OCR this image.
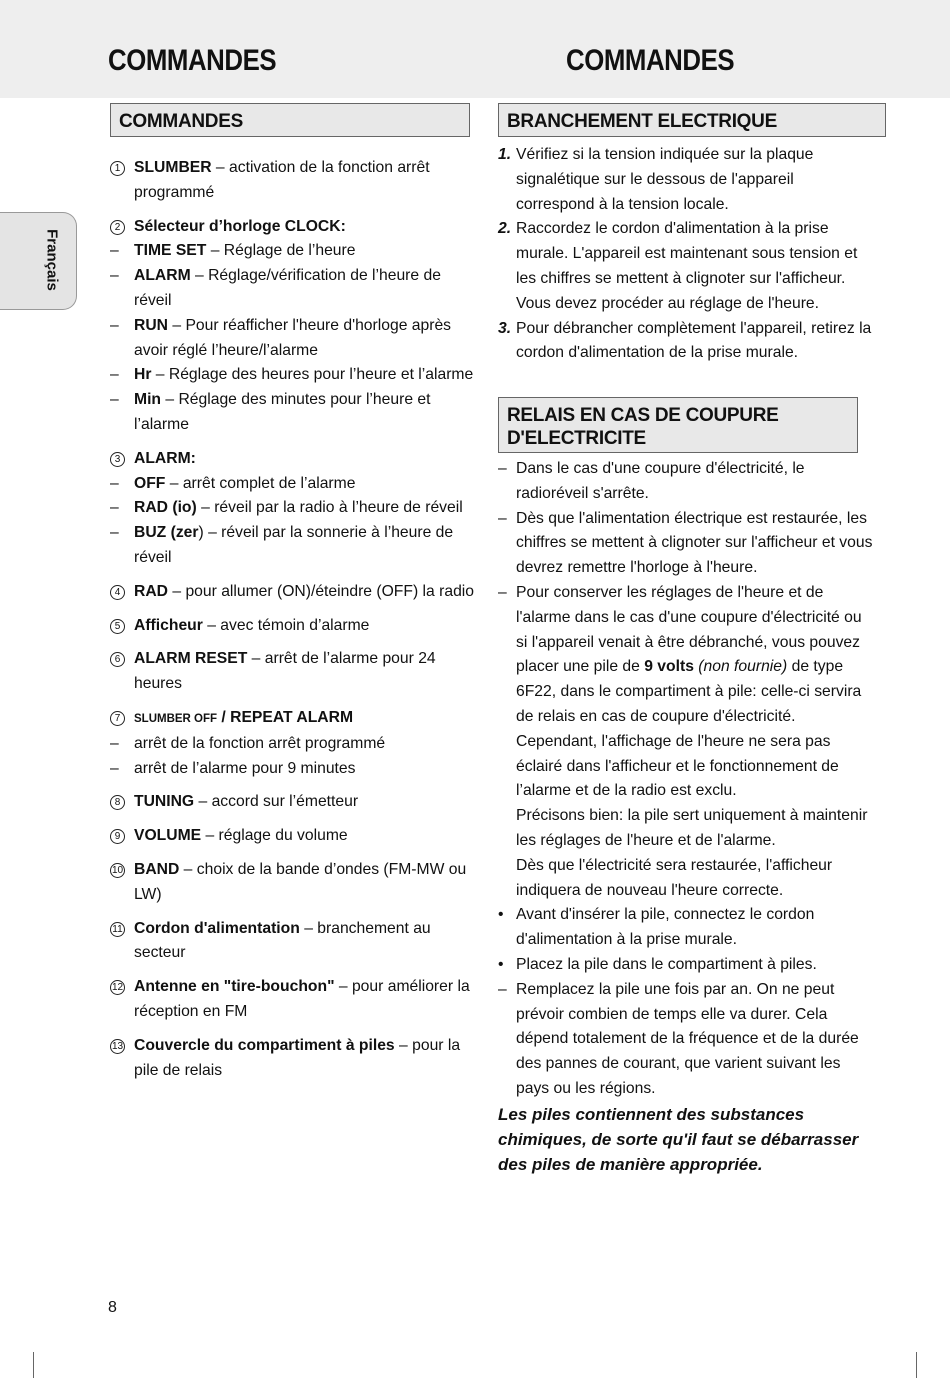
COMMANDES	COMMANDES
Français
COMMANDES
1 SLUMBER – activation de la fonction arrêt programmé
2 Sélecteur d’horloge CLOCK:
– TIME SET – Réglage de l’heure
– ALARM – Réglage/vérification de l’heure de réveil
– RUN – Pour réafficher l'heure d'horloge après avoir réglé l’heure/l’alarme
– Hr – Réglage des heures pour l’heure et l’alarme
– Min – Réglage des minutes pour l’heure et l’alarme
3 ALARM:
– OFF – arrêt complet de l’alarme
– RAD (io) – réveil par la radio à l’heure de réveil
– BUZ (zer) – réveil par la sonnerie à l’heure de réveil
4 RAD – pour allumer (ON)/éteindre (OFF) la radio
5 Afficheur – avec témoin d’alarme
6 ALARM RESET – arrêt de l’alarme pour 24 heures
7	SLUMBER OFF / REPEAT ALARM
– arrêt de la fonction arrêt programmé
– arrêt de l’alarme pour 9 minutes
8 TUNING – accord sur l’émetteur
9 VOLUME – réglage du volume
10 BAND – choix de la bande d’ondes (FM-MW ou LW)
11 Cordon d'alimentation – branchement au secteur
12 Antenne en "tire-bouchon" – pour améliorer la réception en FM
13 Couvercle du compartiment à piles – pour la pile de relais
BRANCHEMENT ELECTRIQUE
1. Vérifiez si la tension indiquée sur la plaque signalétique sur le dessous de l'appareil correspond à la tension locale.
2. Raccordez le cordon d'alimentation à la prise murale. L'appareil est maintenant sous tension et les chiffres se mettent à clignoter sur l'afficheur. Vous devez procéder au réglage de l'heure.
3. Pour débrancher complètement l'appareil, retirez la cordon d'alimentation de la prise murale.
RELAIS EN CAS DE COUPURE D'ELECTRICITE
– Dans le cas d'une coupure d'électricité, le radioréveil s'arrête.
– Dès que l'alimentation électrique est restaurée, les chiffres se mettent à clignoter sur l'afficheur et vous devrez remettre l'horloge à l'heure.
– Pour conserver les réglages de l'heure et de l'alarme dans le cas d'une coupure d'électricité ou si l'appareil venait à être débranché, vous pouvez placer une pile de 9 volts (non fournie) de type 6F22, dans le compartiment à pile: celle-ci servira de relais en cas de coupure d'électricité. Cependant, l'affichage de l'heure ne sera pas éclairé dans l'afficheur et le fonctionnement de l’alarme et de la radio est exclu.
Précisons bien: la pile sert uniquement à maintenir les réglages de l'heure et de l'alarme.
Dès que l'électricité sera restaurée, l'afficheur indiquera de nouveau l'heure correcte.
• Avant d'insérer la pile, connectez le cordon d'alimentation à la prise murale.
• Placez la pile dans le compartiment à piles.
– Remplacez la pile une fois par an. On ne peut prévoir combien de temps elle va durer. Cela dépend totalement de la fréquence et de la durée des pannes de courant, que varient suivant les pays ou les régions.
Les piles contiennent des substances chimiques, de sorte qu'il faut se débarrasser des piles de manière appropriée.
8
